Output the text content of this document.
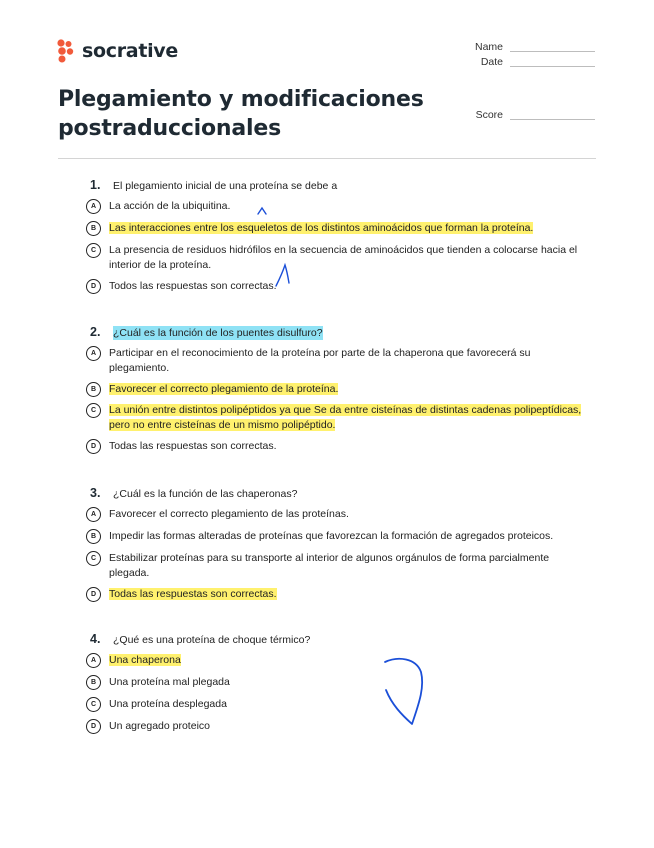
socrative	Name
Date
Score
Plegamiento y modificaciones postraduccionales
1.	El plegamiento inicial de una proteína se debe a
A	La acción de la ubiquitina.
B	Las interacciones entre los esqueletos de los distintos aminoácidos que forman la proteína.
C	La presencia de residuos hidrófilos en la secuencia de aminoácidos que tienden a colocarse hacia el interior de la proteína.
D	Todos las respuestas son correctas.
2.	¿Cuál es la función de los puentes disulfuro?
A	Participar en el reconocimiento de la proteína por parte de la chaperona que favorecerá su plegamiento.
B	Favorecer el correcto plegamiento de la proteína.
C	La unión entre distintos polipéptidos ya que Se da entre cisteínas de distintas cadenas polipeptídicas, pero no entre cisteínas de un mismo polipéptido.
D	Todas las respuestas son correctas.
3.	¿Cuál es la función de las chaperonas?
A	Favorecer el correcto plegamiento de las proteínas.
B	Impedir las formas alteradas de proteínas que favorezcan la formación de agregados proteicos.
C	Estabilizar proteínas para su transporte al interior de algunos orgánulos de forma parcialmente plegada.
D	Todas las respuestas son correctas.
4.	¿Qué es una proteína de choque térmico?
A	Una chaperona
B	Una proteína mal plegada
C	Una proteína desplegada
D	Un agregado proteico
